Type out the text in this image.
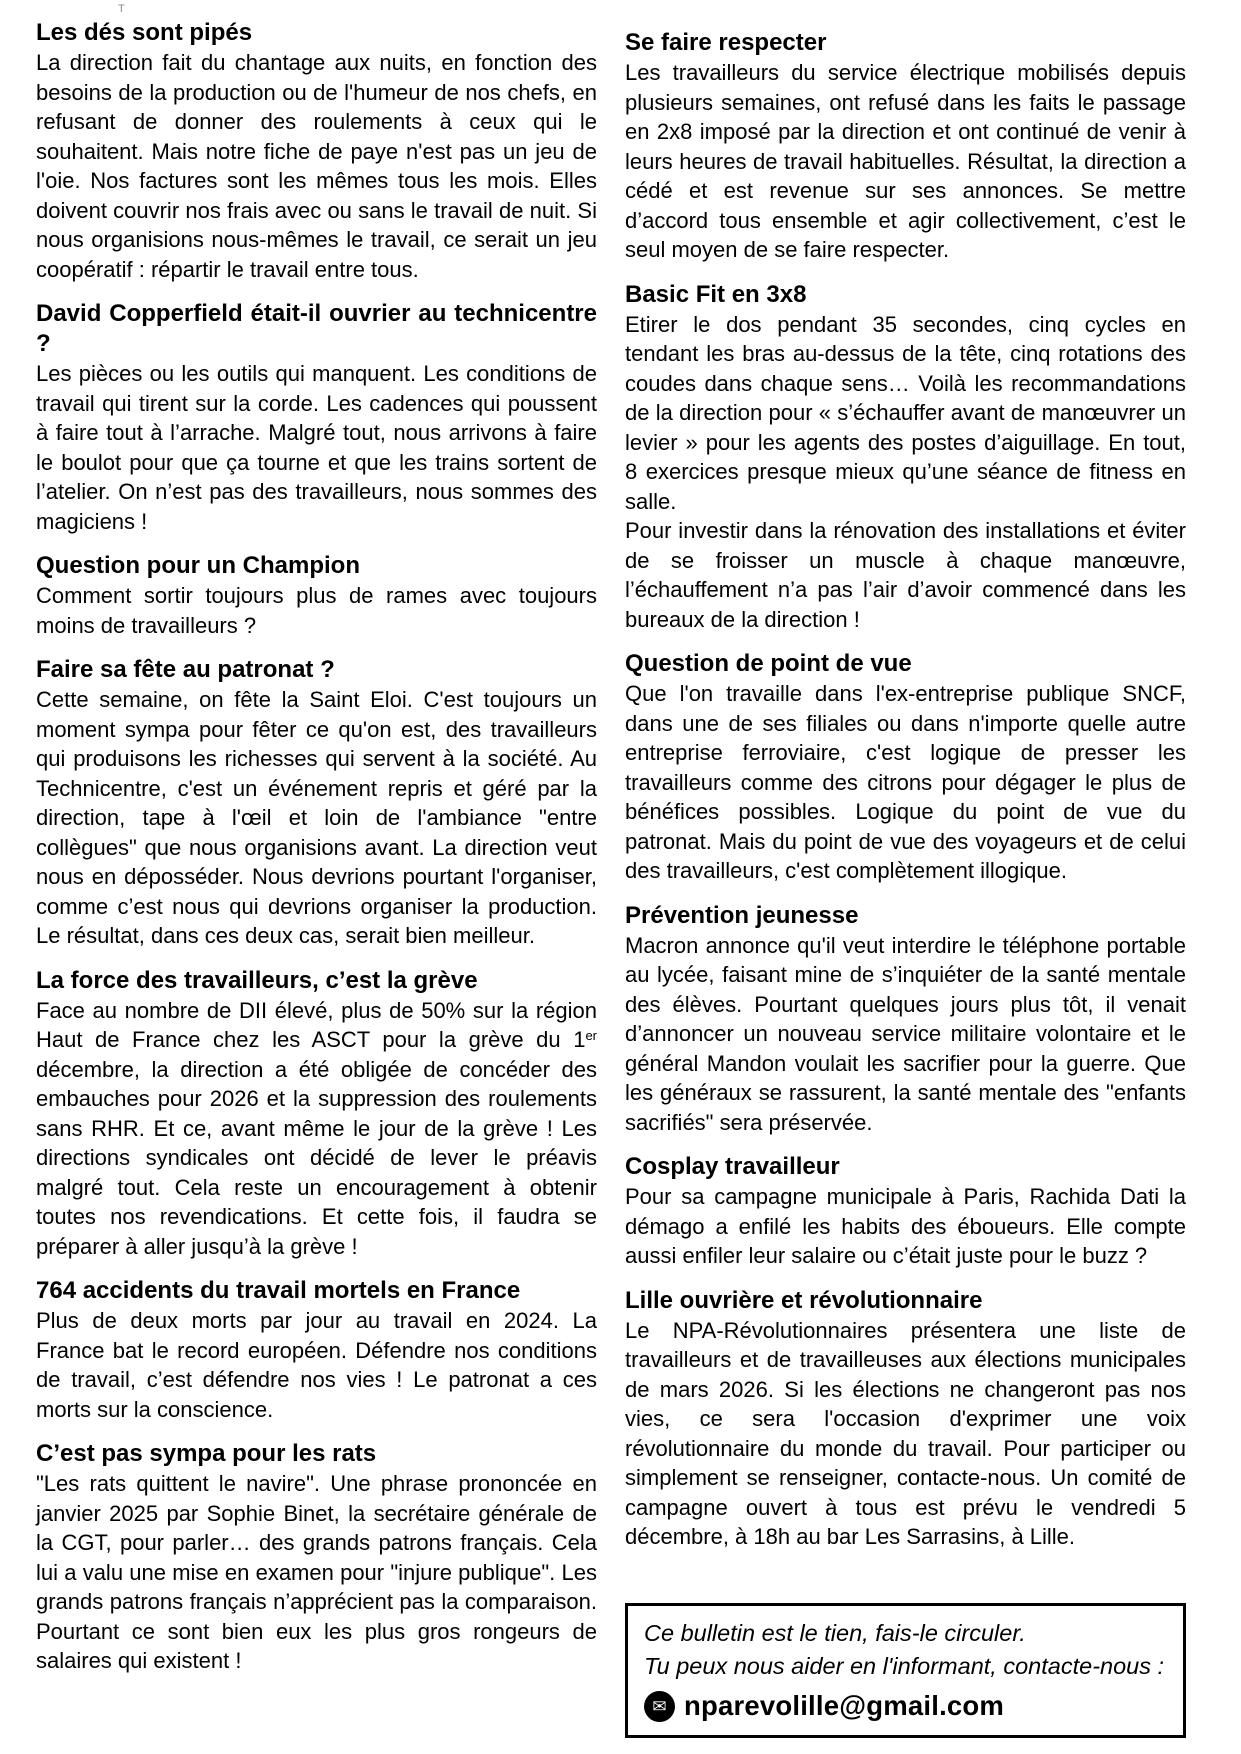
T
Les dés sont pipés

La direction fait du chantage aux nuits, en fonction des besoins de la production ou de l'humeur de nos chefs, en refusant de donner des roulements à ceux qui le souhaitent. Mais notre fiche de paye n'est pas un jeu de l'oie. Nos factures sont les mêmes tous les mois. Elles doivent couvrir nos frais avec ou sans le travail de nuit. Si nous organisions nous-mêmes le travail, ce serait un jeu coopératif : répartir le travail entre tous.

David Copperfield était-il ouvrier au technicentre ?

Les pièces ou les outils qui manquent. Les conditions de travail qui tirent sur la corde. Les cadences qui poussent à faire tout à l’arrache. Malgré tout, nous arrivons à faire le boulot pour que ça tourne et que les trains sortent de l’atelier. On n’est pas des travailleurs, nous sommes des magiciens !

Question pour un Champion

Comment sortir toujours plus de rames avec toujours moins de travailleurs ?

Faire sa fête au patronat ?

Cette semaine, on fête la Saint Eloi. C'est toujours un moment sympa pour fêter ce qu'on est, des travailleurs qui produisons les richesses qui servent à la société. Au Technicentre, c'est un événement repris et géré par la direction, tape à l'œil et loin de l'ambiance "entre collègues" que nous organisions avant. La direction veut nous en déposséder. Nous devrions pourtant l'organiser, comme c’est nous qui devrions organiser la production. Le résultat, dans ces deux cas, serait bien meilleur.

La force des travailleurs, c’est la grève

Face au nombre de DII élevé, plus de 50% sur la région Haut de France chez les ASCT pour la grève du 1er décembre, la direction a été obligée de concéder des embauches pour 2026 et la suppression des roulements sans RHR. Et ce, avant même le jour de la grève ! Les directions syndicales ont décidé de lever le préavis malgré tout. Cela reste un encouragement à obtenir toutes nos revendications. Et cette fois, il faudra se préparer à aller jusqu’à la grève !

764 accidents du travail mortels en France

Plus de deux morts par jour au travail en 2024. La France bat le record européen. Défendre nos conditions de travail, c’est défendre nos vies ! Le patronat a ces morts sur la conscience.

C’est pas sympa pour les rats

"Les rats quittent le navire". Une phrase prononcée en janvier 2025 par Sophie Binet, la secrétaire générale de la CGT, pour parler… des grands patrons français. Cela lui a valu une mise en examen pour "injure publique". Les grands patrons français n’apprécient pas la comparaison. Pourtant ce sont bien eux les plus gros rongeurs de salaires qui existent !

Se faire respecter

Les travailleurs du service électrique mobilisés depuis plusieurs semaines, ont refusé dans les faits le passage en 2x8 imposé par la direction et ont continué de venir à leurs heures de travail habituelles. Résultat, la direction a cédé et est revenue sur ses annonces. Se mettre d’accord tous ensemble et agir collectivement, c’est le seul moyen de se faire respecter.

Basic Fit en 3x8

Etirer le dos pendant 35 secondes, cinq cycles en tendant les bras au-dessus de la tête, cinq rotations des coudes dans chaque sens… Voilà les recommandations de la direction pour « s’échauffer avant de manœuvrer un levier » pour les agents des postes d’aiguillage. En tout, 8 exercices presque mieux qu’une séance de fitness en salle.

Pour investir dans la rénovation des installations et éviter de se froisser un muscle à chaque manœuvre, l’échauffement n’a pas l’air d’avoir commencé dans les bureaux de la direction !

Question de point de vue

Que l'on travaille dans l'ex-entreprise publique SNCF, dans une de ses filiales ou dans n'importe quelle autre entreprise ferroviaire, c'est logique de presser les travailleurs comme des citrons pour dégager le plus de bénéfices possibles. Logique du point de vue du patronat. Mais du point de vue des voyageurs et de celui des travailleurs, c'est complètement illogique.

Prévention jeunesse

Macron annonce qu'il veut interdire le téléphone portable au lycée, faisant mine de s’inquiéter de la santé mentale des élèves. Pourtant quelques jours plus tôt, il venait d’annoncer un nouveau service militaire volontaire et le général Mandon voulait les sacrifier pour la guerre. Que les généraux se rassurent, la santé mentale des "enfants sacrifiés" sera préservée.

Cosplay travailleur

Pour sa campagne municipale à Paris, Rachida Dati la démago a enfilé les habits des éboueurs. Elle compte aussi enfiler leur salaire ou c’était juste pour le buzz ?

Lille ouvrière et révolutionnaire

Le NPA-Révolutionnaires présentera une liste de travailleurs et de travailleuses aux élections municipales de mars 2026. Si les élections ne changeront pas nos vies, ce sera l'occasion d'exprimer une voix révolutionnaire du monde du travail. Pour participer ou simplement se renseigner, contacte-nous. Un comité de campagne ouvert à tous est prévu le vendredi 5 décembre, à 18h au bar Les Sarrasins, à Lille.

Ce bulletin est le tien, fais-le circuler.

Tu peux nous aider en l'informant, contacte-nous :

✉ nparevolille@gmail.com
